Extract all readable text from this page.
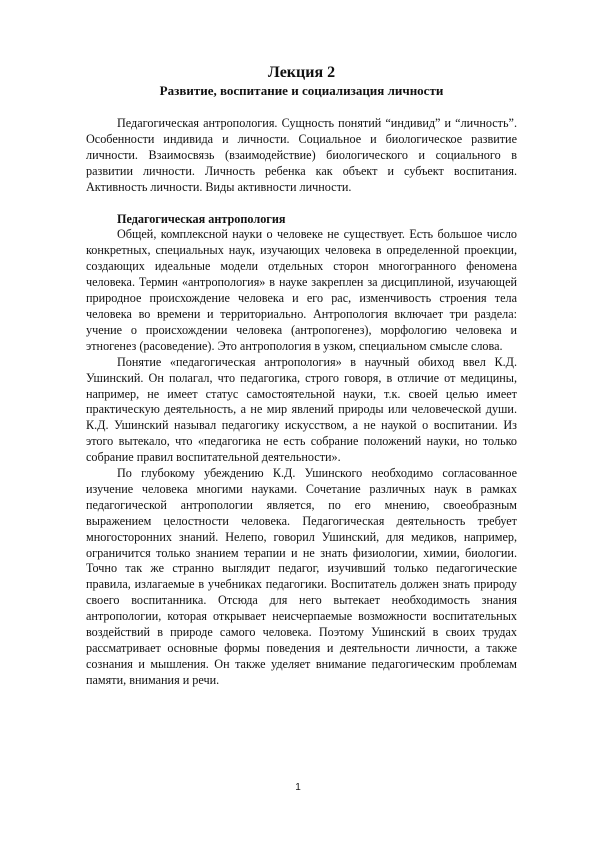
Лекция 2
Развитие, воспитание и социализация личности

Педагогическая антропология. Сущность понятий “индивид” и “личность”. Особенности индивида и личности. Социальное и биологическое развитие личности. Взаимосвязь (взаимодействие) биологического и социального в развитии личности. Личность ребенка как объект и субъект воспитания. Активность личности. Виды активности личности.

Педагогическая антропология

Общей, комплексной науки о человеке не существует. Есть большое число конкретных, специальных наук, изучающих человека в определенной проекции, создающих идеальные модели отдельных сторон многогранного феномена человека. Термин «антропология» в науке закреплен за дисциплиной, изучающей природное происхождение человека и его рас, изменчивость строения тела человека во времени и территориально. Антропология включает три раздела: учение о происхождении человека (антропогенез), морфологию человека и этногенез (расоведение). Это антропология в узком, специальном смысле слова.

Понятие «педагогическая антропология» в научный обиход ввел К.Д. Ушинский. Он полагал, что педагогика, строго говоря, в отличие от медицины, например, не имеет статус самостоятельной науки, т.к. своей целью имеет практическую деятельность, а не мир явлений природы или человеческой души. К.Д. Ушинский называл педагогику искусством, а не наукой о воспитании. Из этого вытекало, что «педагогика не есть собрание положений науки, но только собрание правил воспитательной деятельности».

По глубокому убеждению К.Д. Ушинского необходимо согласованное изучение человека многими науками. Сочетание различных наук в рамках педагогической антропологии является, по его мнению, своеобразным выражением целостности человека. Педагогическая деятельность требует многосторонних знаний. Нелепо, говорил Ушинский, для медиков, например, ограничится только знанием терапии и не знать физиологии, химии, биологии. Точно так же странно выглядит педагог, изучивший только педагогические правила, излагаемые в учебниках педагогики. Воспитатель должен знать природу своего воспитанника. Отсюда для него вытекает необходимость знания антропологии, которая открывает неисчерпаемые возможности воспитательных воздействий в природе самого человека. Поэтому Ушинский в своих трудах рассматривает основные формы поведения и деятельности личности, а также сознания и мышления. Он также уделяет внимание педагогическим проблемам памяти, внимания и речи.

1
